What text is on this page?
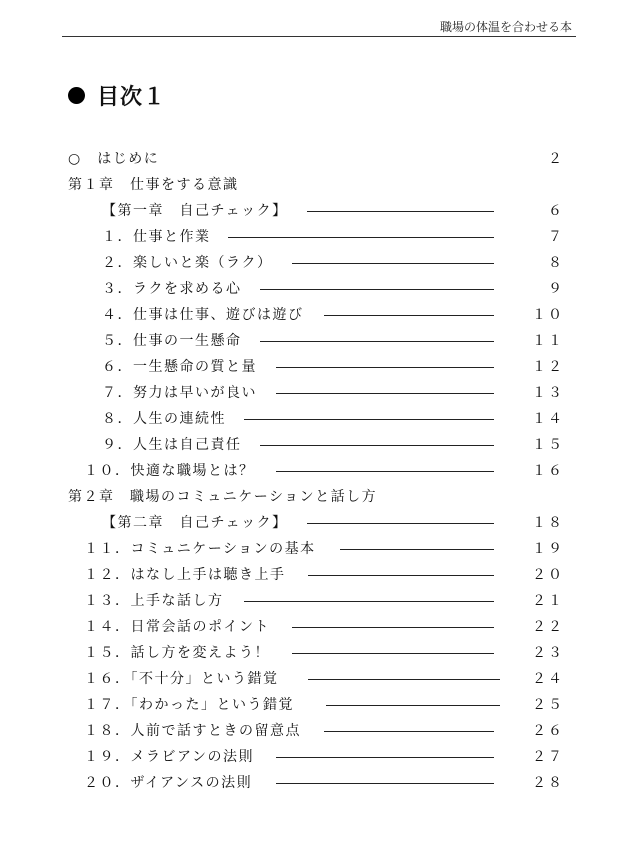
職場の体温を合わせる本
目次１
○　はじめに	２
第１章　仕事をする意識
【第一章　自己チェック】	６
１．仕事と作業	７
２．楽しいと楽（ラク）	８
３．ラクを求める心	９
４．仕事は仕事、遊びは遊び	１０
５．仕事の一生懸命	１１
６．一生懸命の質と量	１２
７．努力は早いが良い	１３
８．人生の連続性	１４
９．人生は自己責任	１５
１０．快適な職場とは？	１６
第２章　職場のコミュニケーションと話し方
【第二章　自己チェック】	１８
１１．コミュニケーションの基本	１９
１２．はなし上手は聴き上手	２０
１３．上手な話し方	２１
１４．日常会話のポイント	２２
１５．話し方を変えよう！	２３
１６．「不十分」という錯覚	２４
１７．「わかった」という錯覚	２５
１８．人前で話すときの留意点	２６
１９．メラビアンの法則	２７
２０．ザイアンスの法則	２８
